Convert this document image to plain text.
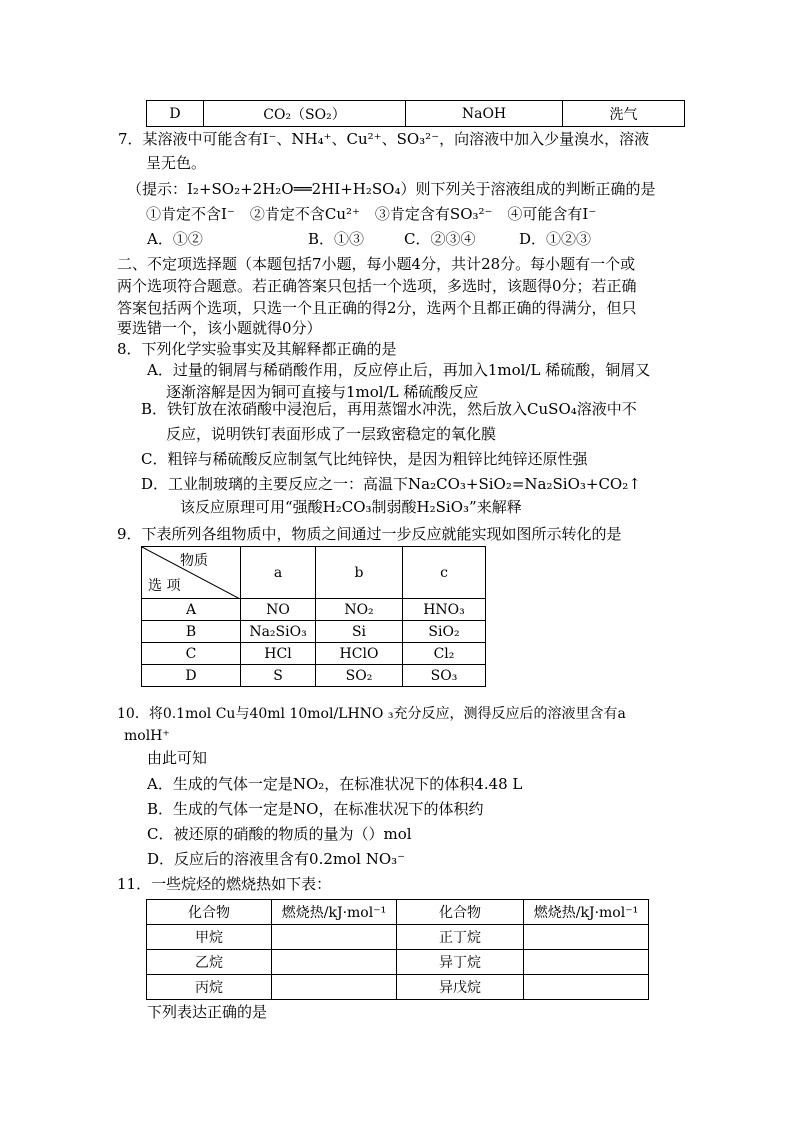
D	CO₂（SO₂）	NaOH	洗气
7．某溶液中可能含有I⁻、NH₄⁺、Cu²⁺、SO₃²⁻，向溶液中加入少量溴水，溶液
呈无色。
（提示：I₂+SO₂+2H₂O══2HI+H₂SO₄）则下列关于溶液组成的判断正确的是
①肯定不含I⁻　②肯定不含Cu²⁺　③肯定含有SO₃²⁻　④可能含有I⁻
A．①②	B．①③	C．②③④	D．①②③
二、不定项选择题（本题包括7小题，每小题4分，共计28分。每小题有一个或
两个选项符合题意。若正确答案只包括一个选项，多选时，该题得0分；若正确
答案包括两个选项，只选一个且正确的得2分，选两个且都正确的得满分，但只
要选错一个，该小题就得0分）
8．下列化学实验事实及其解释都正确的是
A．过量的铜屑与稀硝酸作用，反应停止后，再加入1mol/L 稀硫酸，铜屑又
逐渐溶解是因为铜可直接与1mol/L 稀硫酸反应
B．铁钉放在浓硝酸中浸泡后，再用蒸馏水冲洗，然后放入CuSO₄溶液中不
反应，说明铁钉表面形成了一层致密稳定的氧化膜
C．粗锌与稀硫酸反应制氢气比纯锌快，是因为粗锌比纯锌还原性强
D．工业制玻璃的主要反应之一：高温下Na₂CO₃+SiO₂=Na₂SiO₃+CO₂↑
该反应原理可用“强酸H₂CO₃制弱酸H₂SiO₃”来解释
9．下表所列各组物质中，物质之间通过一步反应就能实现如图所示转化的是
物质
选 项	a	b	c
A	NO	NO₂	HNO₃
B	Na₂SiO₃	Si	SiO₂
C	HCl	HClO	Cl₂
D	S	SO₂	SO₃
10．将0.1mol Cu与40ml 10mol/LHNO ₃充分反应，测得反应后的溶液里含有a
molH⁺
由此可知
A．生成的气体一定是NO₂，在标准状况下的体积4.48 L
B．生成的气体一定是NO，在标准状况下的体积约
C．被还原的硝酸的物质的量为（）mol
D．反应后的溶液里含有0.2mol NO₃⁻
11．一些烷烃的燃烧热如下表：
化合物	燃烧热/kJ·mol⁻¹	化合物	燃烧热/kJ·mol⁻¹
甲烷		正丁烷	
乙烷		异丁烷	
丙烷		异戊烷	
下列表达正确的是
